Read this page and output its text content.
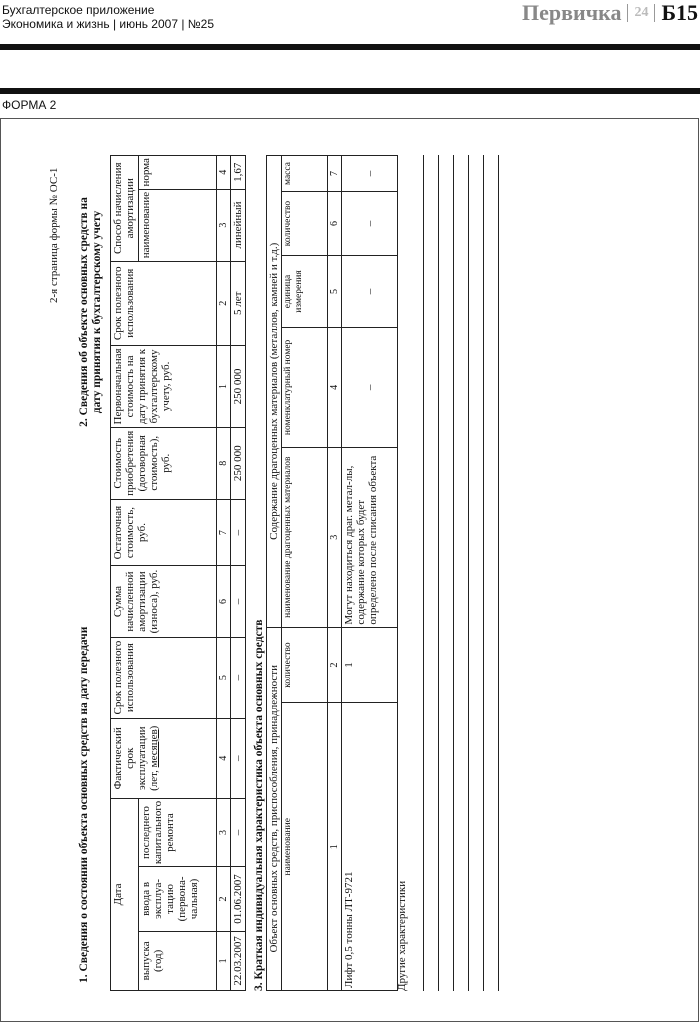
Бухгалтерское приложение
Экономика и жизнь | июнь 2007 | №25	Первичка 24 Б15
ФОРМА 2
2-я страница формы № ОС-1
1. Сведения о состоянии объекта основных средств на дату передачи
2. Сведения об объекте основных средств на дату принятия к бухгалтерскому учету
Дата			Фактический срок эксплуатации (лет, месяцев)	Срок полезного использования	Сумма начисленной амортизации (износа), руб.	Остаточная стоимость, руб.	Стоимость приобретения (договорная стоимость), руб.	Первоначальная стоимость на дату принятия к бухгалтерскому учету, руб.	Срок полезного использования	Способ начисления амортизации	
выпуска (год)	ввода в эксплуа-тацию (первона-чальная)	последнего капитального ремонта								наименование	норма
1	2	3	4	5	6	7	8	1	2	3	4
22.03.2007	01.06.2007	–	–	–	–	–	250 000	250 000	5 лет	линейный	1,67
3. Краткая индивидуальная характеристика объекта основных средств Объект основных средств, приспособления, принадлежности		Содержание драгоценных материалов (металлов, камней и т.д.)				
наименование	количество	наименование драгоценных материалов	номенклатурный номер	единица измерения	количество	масса
1	2	3	4	5	6	7
Лифт 0,5 тонны ЛТ-9721	1	Могут находиться драг. метал-лы, содержание которых будет определено после списания объекта	–	–	–	–
Другие характеристики
